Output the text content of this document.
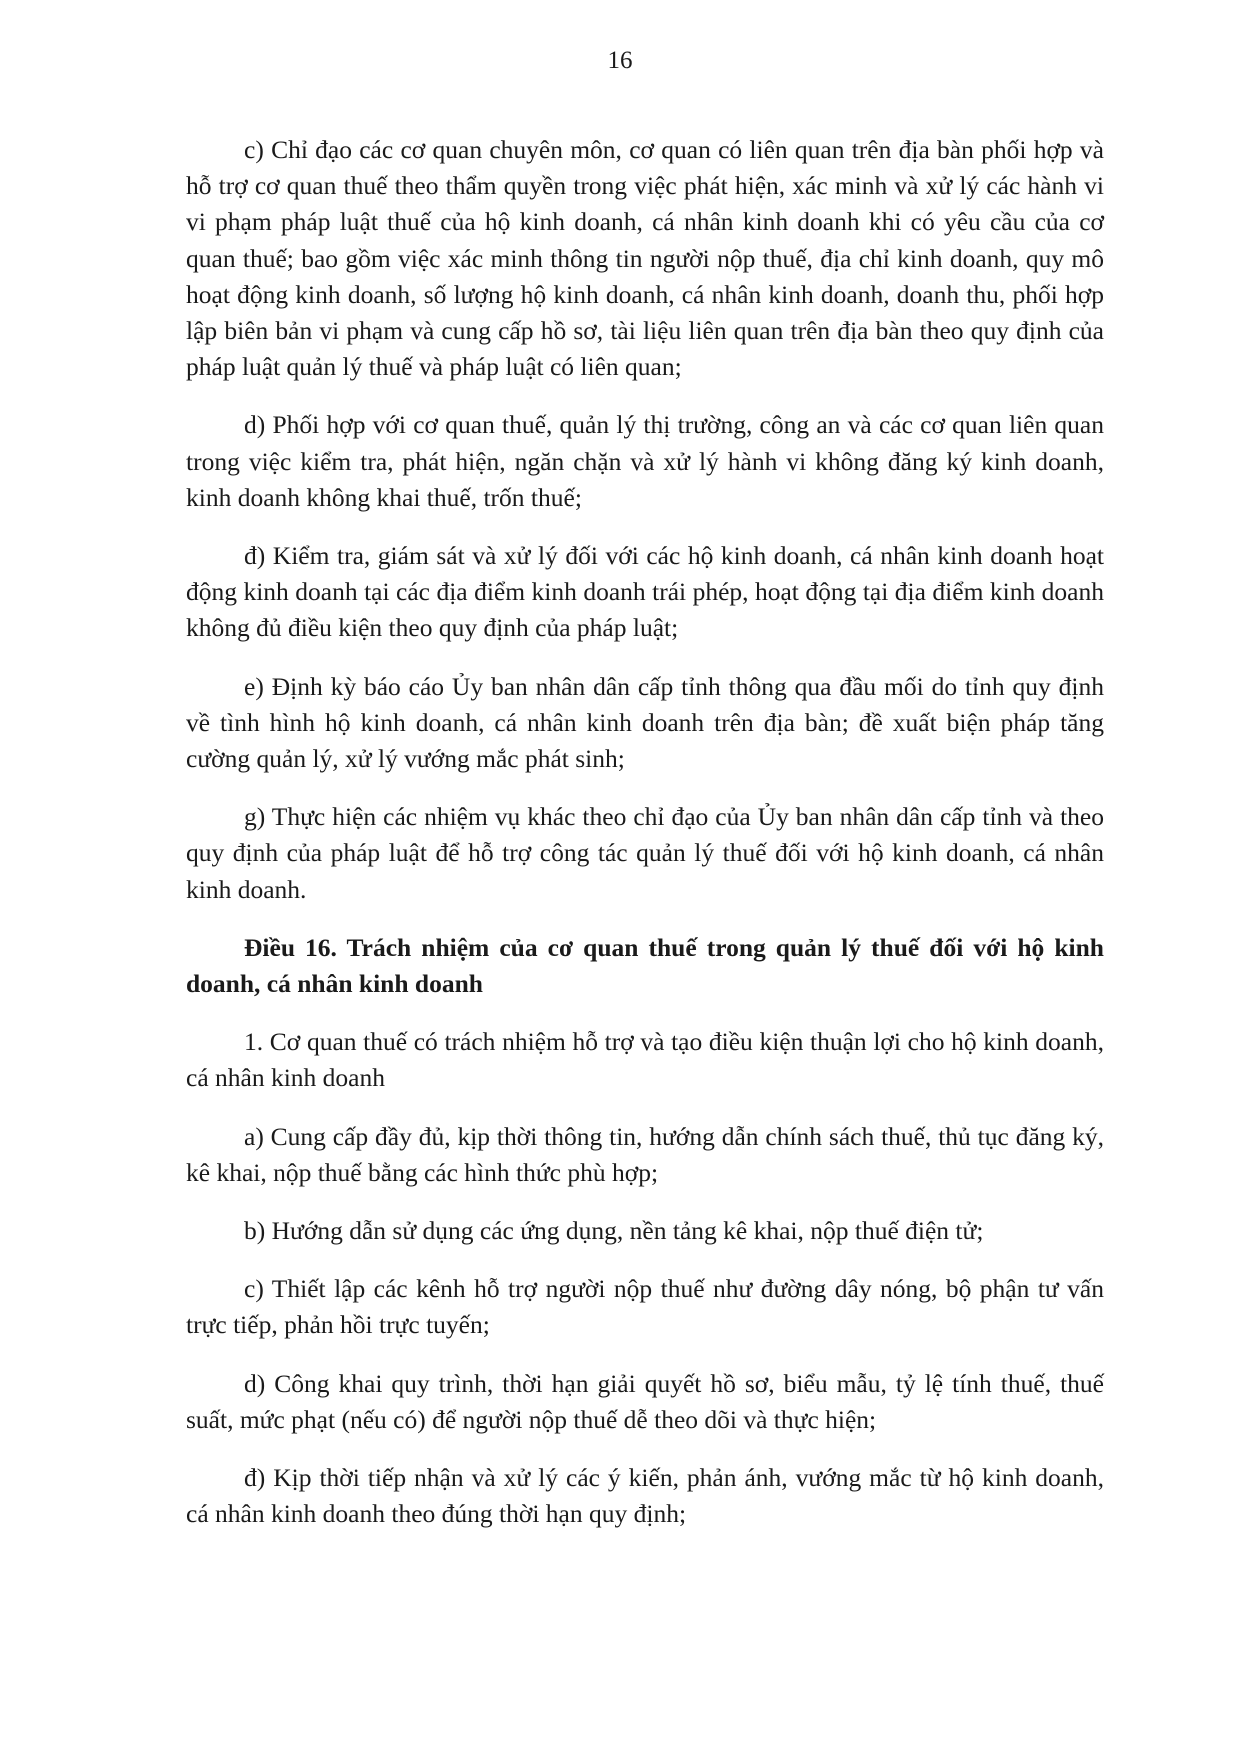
16

c) Chỉ đạo các cơ quan chuyên môn, cơ quan có liên quan trên địa bàn phối hợp và hỗ trợ cơ quan thuế theo thẩm quyền trong việc phát hiện, xác minh và xử lý các hành vi vi phạm pháp luật thuế của hộ kinh doanh, cá nhân kinh doanh khi có yêu cầu của cơ quan thuế; bao gồm việc xác minh thông tin người nộp thuế, địa chỉ kinh doanh, quy mô hoạt động kinh doanh, số lượng hộ kinh doanh, cá nhân kinh doanh, doanh thu, phối hợp lập biên bản vi phạm và cung cấp hồ sơ, tài liệu liên quan trên địa bàn theo quy định của pháp luật quản lý thuế và pháp luật có liên quan;

d) Phối hợp với cơ quan thuế, quản lý thị trường, công an và các cơ quan liên quan trong việc kiểm tra, phát hiện, ngăn chặn và xử lý hành vi không đăng ký kinh doanh, kinh doanh không khai thuế, trốn thuế;

đ) Kiểm tra, giám sát và xử lý đối với các hộ kinh doanh, cá nhân kinh doanh hoạt động kinh doanh tại các địa điểm kinh doanh trái phép, hoạt động tại địa điểm kinh doanh không đủ điều kiện theo quy định của pháp luật;

e) Định kỳ báo cáo Ủy ban nhân dân cấp tỉnh thông qua đầu mối do tỉnh quy định về tình hình hộ kinh doanh, cá nhân kinh doanh trên địa bàn; đề xuất biện pháp tăng cường quản lý, xử lý vướng mắc phát sinh;

g) Thực hiện các nhiệm vụ khác theo chỉ đạo của Ủy ban nhân dân cấp tỉnh và theo quy định của pháp luật để hỗ trợ công tác quản lý thuế đối với hộ kinh doanh, cá nhân kinh doanh.

Điều 16. Trách nhiệm của cơ quan thuế trong quản lý thuế đối với hộ kinh doanh, cá nhân kinh doanh

1. Cơ quan thuế có trách nhiệm hỗ trợ và tạo điều kiện thuận lợi cho hộ kinh doanh, cá nhân kinh doanh

a) Cung cấp đầy đủ, kịp thời thông tin, hướng dẫn chính sách thuế, thủ tục đăng ký, kê khai, nộp thuế bằng các hình thức phù hợp;

b) Hướng dẫn sử dụng các ứng dụng, nền tảng kê khai, nộp thuế điện tử;

c) Thiết lập các kênh hỗ trợ người nộp thuế như đường dây nóng, bộ phận tư vấn trực tiếp, phản hồi trực tuyến;

d) Công khai quy trình, thời hạn giải quyết hồ sơ, biểu mẫu, tỷ lệ tính thuế, thuế suất, mức phạt (nếu có) để người nộp thuế dễ theo dõi và thực hiện;

đ) Kịp thời tiếp nhận và xử lý các ý kiến, phản ánh, vướng mắc từ hộ kinh doanh, cá nhân kinh doanh theo đúng thời hạn quy định;
